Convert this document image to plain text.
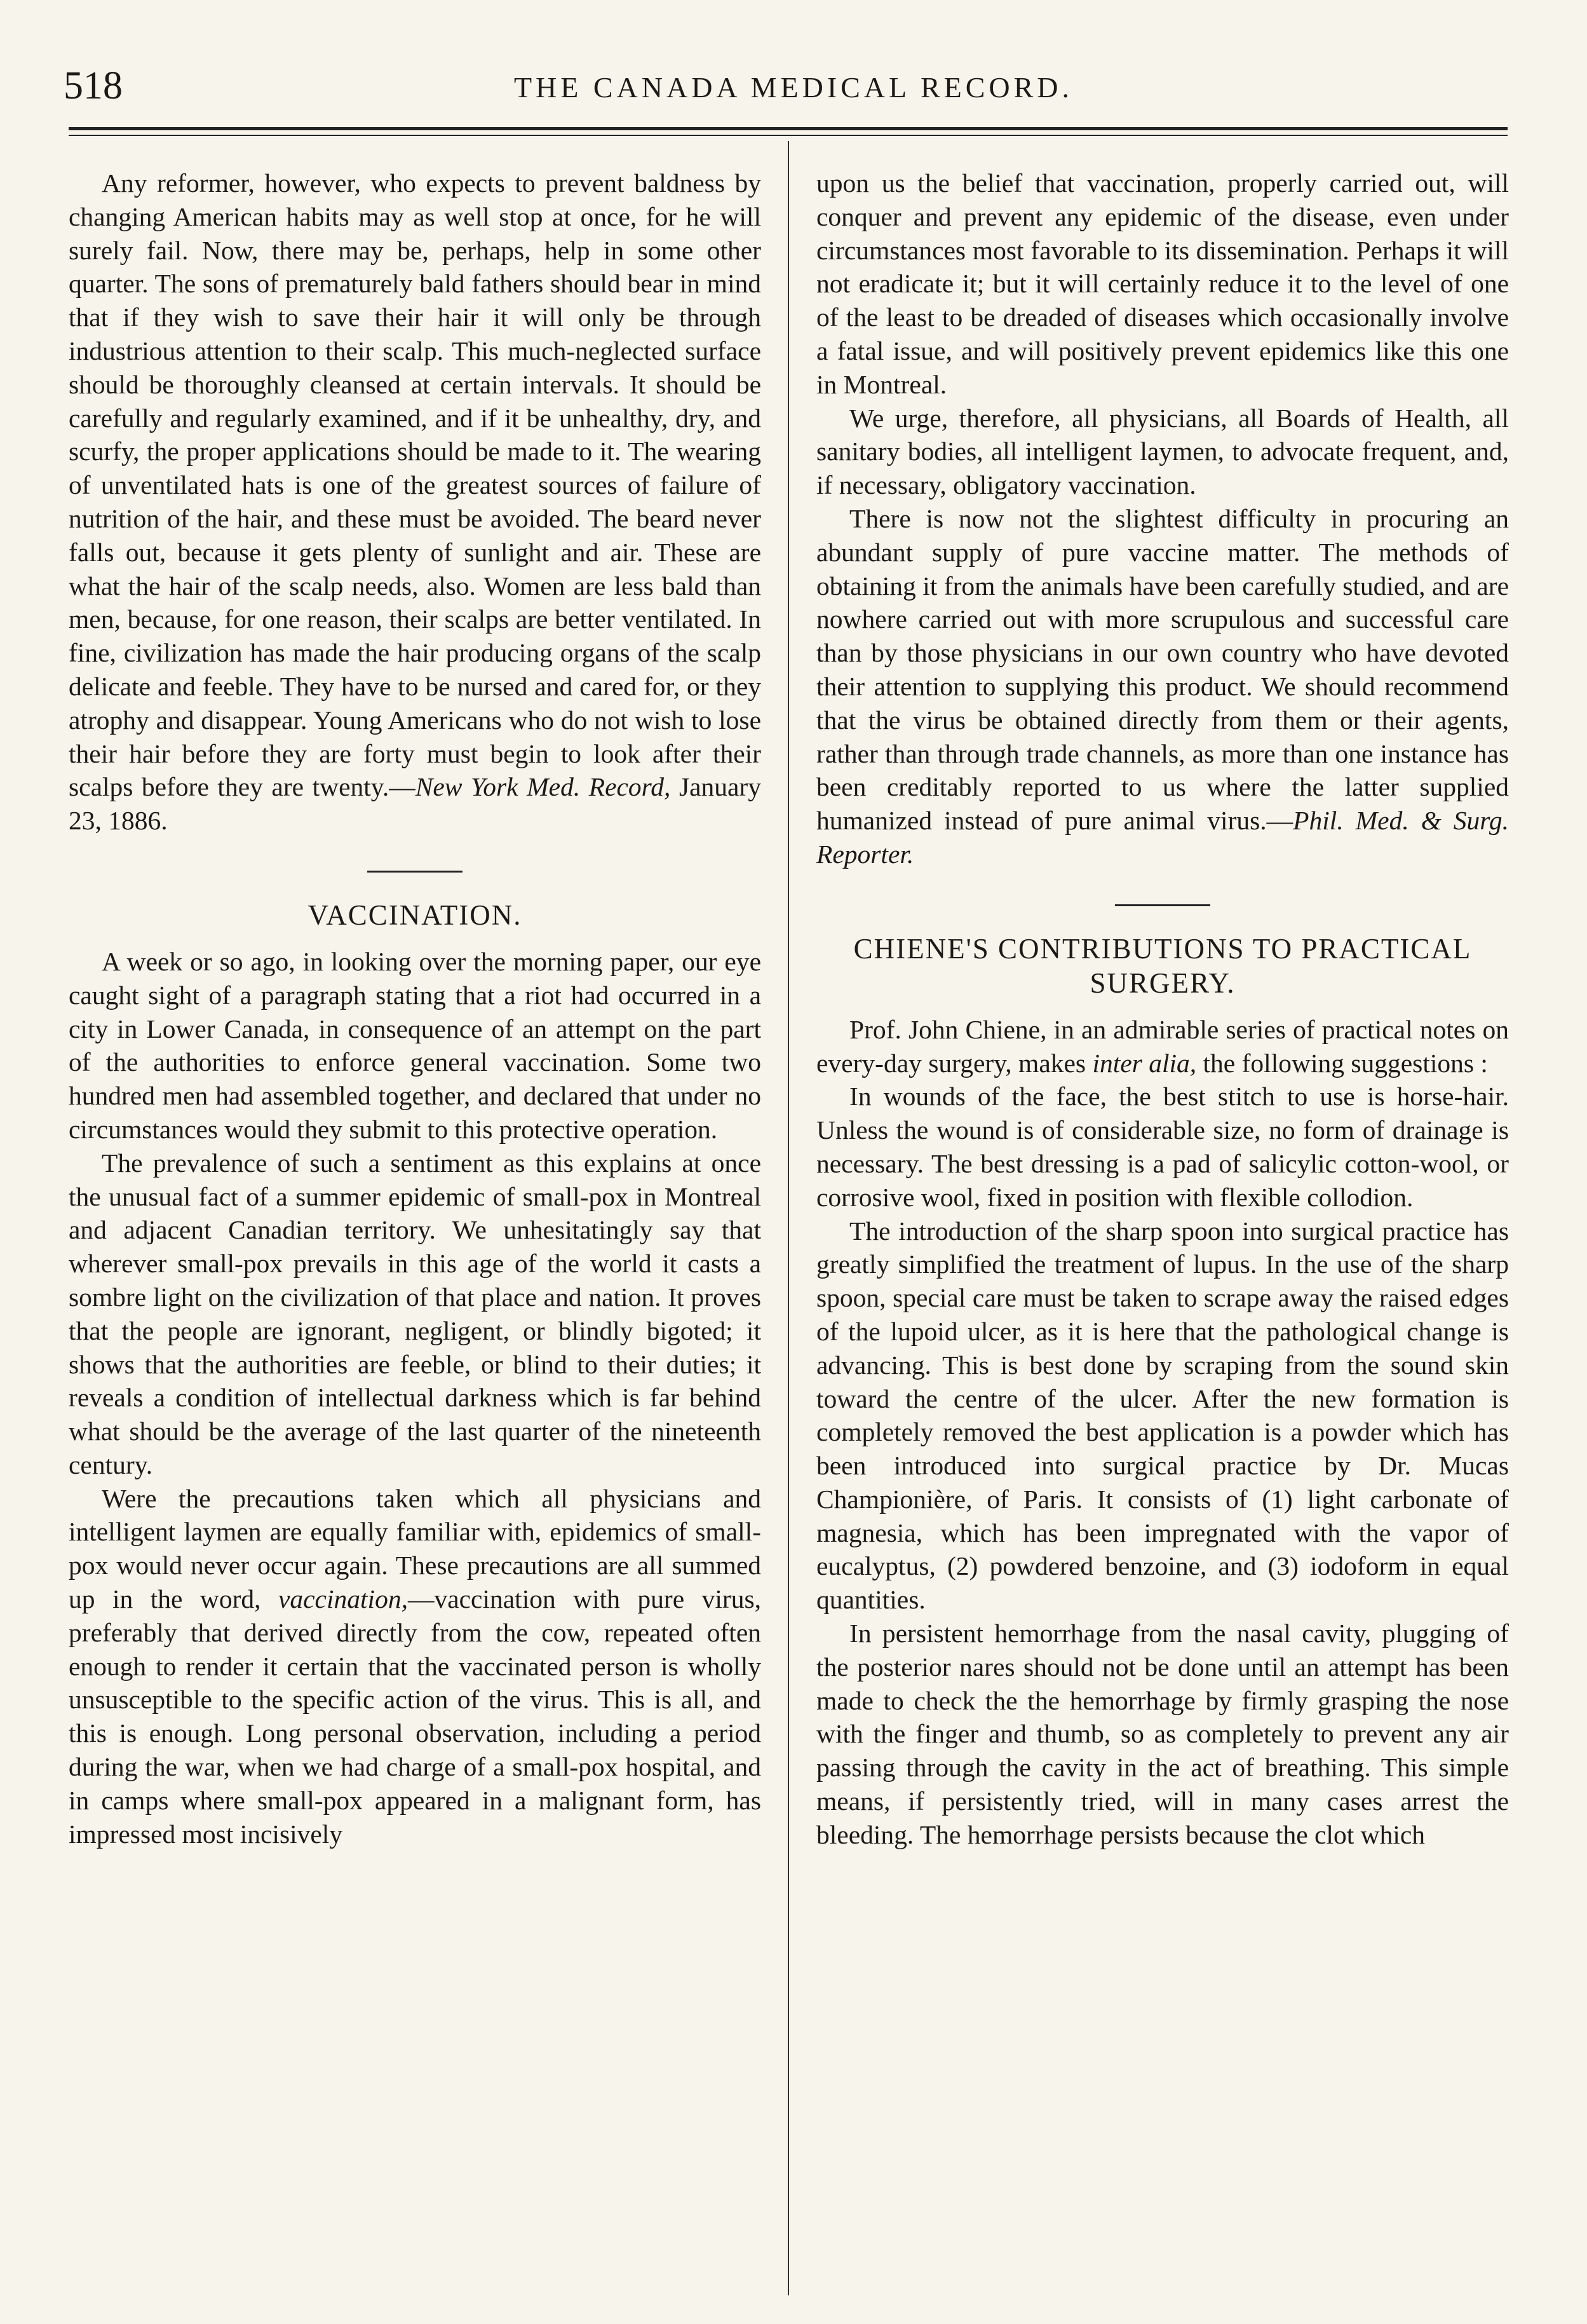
518	THE CANADA MEDICAL RECORD.

Any reformer, however, who expects to prevent baldness by changing American habits may as well stop at once, for he will surely fail. Now, there may be, perhaps, help in some other quarter. The sons of prematurely bald fathers should bear in mind that if they wish to save their hair it will only be through industrious attention to their scalp. This much-neglected surface should be thoroughly cleansed at certain intervals. It should be carefully and regularly examined, and if it be unhealthy, dry, and scurfy, the proper applications should be made to it. The wearing of unventilated hats is one of the greatest sources of failure of nutrition of the hair, and these must be avoided. The beard never falls out, because it gets plenty of sunlight and air. These are what the hair of the scalp needs, also. Women are less bald than men, because, for one reason, their scalps are better ventilated. In fine, civilization has made the hair producing organs of the scalp delicate and feeble. They have to be nursed and cared for, or they atrophy and disappear. Young Americans who do not wish to lose their hair before they are forty must begin to look after their scalps before they are twenty.—New York Med. Record, January 23, 1886.

VACCINATION.

A week or so ago, in looking over the morning paper, our eye caught sight of a paragraph stating that a riot had occurred in a city in Lower Canada, in consequence of an attempt on the part of the authorities to enforce general vaccination. Some two hundred men had assembled together, and declared that under no circumstances would they submit to this protective operation.

The prevalence of such a sentiment as this explains at once the unusual fact of a summer epidemic of small-pox in Montreal and adjacent Canadian territory. We unhesitatingly say that wherever small-pox prevails in this age of the world it casts a sombre light on the civilization of that place and nation. It proves that the people are ignorant, negligent, or blindly bigoted; it shows that the authorities are feeble, or blind to their duties; it reveals a condition of intellectual darkness which is far behind what should be the average of the last quarter of the nineteenth century.

Were the precautions taken which all physicians and intelligent laymen are equally familiar with, epidemics of small-pox would never occur again. These precautions are all summed up in the word, vaccination,—vaccination with pure virus, preferably that derived directly from the cow, repeated often enough to render it certain that the vaccinated person is wholly unsusceptible to the specific action of the virus. This is all, and this is enough. Long personal observation, including a period during the war, when we had charge of a small-pox hospital, and in camps where small-pox appeared in a malignant form, has impressed most incisively

upon us the belief that vaccination, properly carried out, will conquer and prevent any epidemic of the disease, even under circumstances most favorable to its dissemination. Perhaps it will not eradicate it; but it will certainly reduce it to the level of one of the least to be dreaded of diseases which occasionally involve a fatal issue, and will positively prevent epidemics like this one in Montreal.

We urge, therefore, all physicians, all Boards of Health, all sanitary bodies, all intelligent laymen, to advocate frequent, and, if necessary, obligatory vaccination.

There is now not the slightest difficulty in procuring an abundant supply of pure vaccine matter. The methods of obtaining it from the animals have been carefully studied, and are nowhere carried out with more scrupulous and successful care than by those physicians in our own country who have devoted their attention to supplying this product. We should recommend that the virus be obtained directly from them or their agents, rather than through trade channels, as more than one instance has been creditably reported to us where the latter supplied humanized instead of pure animal virus.—Phil. Med. & Surg. Reporter.

CHIENE'S CONTRIBUTIONS TO PRACTICAL SURGERY.

Prof. John Chiene, in an admirable series of practical notes on every-day surgery, makes inter alia, the following suggestions :

In wounds of the face, the best stitch to use is horse-hair. Unless the wound is of considerable size, no form of drainage is necessary. The best dressing is a pad of salicylic cotton-wool, or corrosive wool, fixed in position with flexible collodion.

The introduction of the sharp spoon into surgical practice has greatly simplified the treatment of lupus. In the use of the sharp spoon, special care must be taken to scrape away the raised edges of the lupoid ulcer, as it is here that the pathological change is advancing. This is best done by scraping from the sound skin toward the centre of the ulcer. After the new formation is completely removed the best application is a powder which has been introduced into surgical practice by Dr. Mucas Championière, of Paris. It consists of (1) light carbonate of magnesia, which has been impregnated with the vapor of eucalyptus, (2) powdered benzoine, and (3) iodoform in equal quantities.

In persistent hemorrhage from the nasal cavity, plugging of the posterior nares should not be done until an attempt has been made to check the the hemorrhage by firmly grasping the nose with the finger and thumb, so as completely to prevent any air passing through the cavity in the act of breathing. This simple means, if persistently tried, will in many cases arrest the bleeding. The hemorrhage persists because the clot which
